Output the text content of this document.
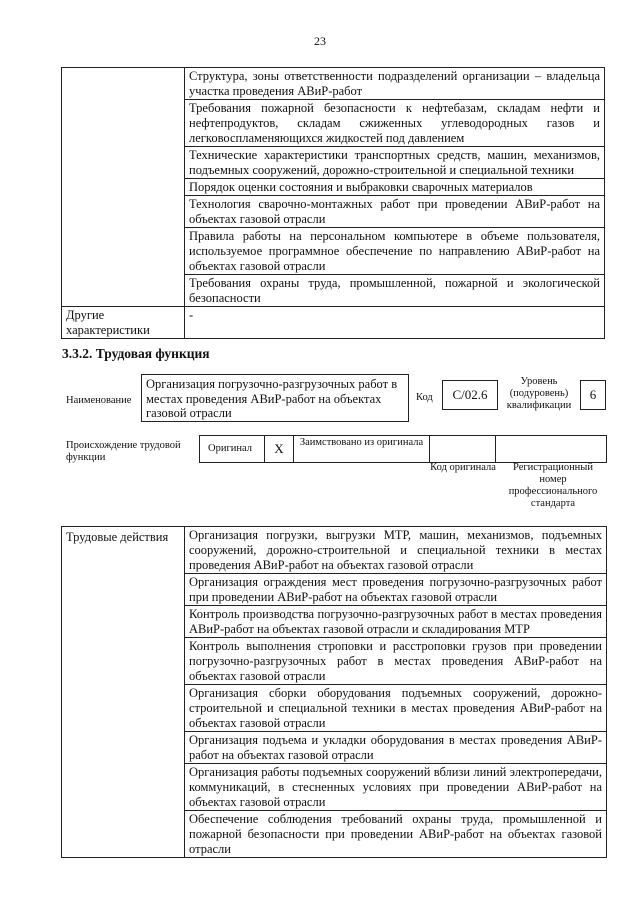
23
	Структура, зоны ответственности подразделений организации – владельца участка проведения АВиР-работ
	Требования пожарной безопасности к нефтебазам, складам нефти и нефтепродуктов, складам сжиженных углеводородных газов и легковоспламеняющихся жидкостей под давлением
	Технические характеристики транспортных средств, машин, механизмов, подъемных сооружений, дорожно-строительной и специальной техники
	Порядок оценки состояния и выбраковки сварочных материалов
	Технология сварочно-монтажных работ при проведении АВиР-работ на объектах газовой отрасли
	Правила работы на персональном компьютере в объеме пользователя, используемое программное обеспечение по направлению АВиР-работ на объектах газовой отрасли
	Требования охраны труда, промышленной, пожарной и экологической безопасности
Другие характеристики	-
3.3.2. Трудовая функция
Наименование
Организация погрузочно-разгрузочных работ в местах проведения АВиР-работ на объектах газовой отрасли
Код	C/02.6
Уровень (подуровень) квалификации
6
Происхождение трудовой функции
Оригинал	X	Заимствовано из оригинала
Код оригинала	Регистрационный номер профессионального стандарта
Трудовые действия	Организация погрузки, выгрузки МТР, машин, механизмов, подъемных сооружений, дорожно-строительной и специальной техники в местах проведения АВиР-работ на объектах газовой отрасли
Организация ограждения мест проведения погрузочно-разгрузочных работ при проведении АВиР-работ на объектах газовой отрасли
Контроль производства погрузочно-разгрузочных работ в местах проведения АВиР-работ на объектах газовой отрасли и складирования МТР
Контроль выполнения строповки и расстроповки грузов при проведении погрузочно-разгрузочных работ в местах проведения АВиР-работ на объектах газовой отрасли
Организация сборки оборудования подъемных сооружений, дорожно-строительной и специальной техники в местах проведения АВиР-работ на объектах газовой отрасли
Организация подъема и укладки оборудования в местах проведения АВиР-работ на объектах газовой отрасли
Организация работы подъемных сооружений вблизи линий электропередачи, коммуникаций, в стесненных условиях при проведении АВиР-работ на объектах газовой отрасли
Обеспечение соблюдения требований охраны труда, промышленной и пожарной безопасности при проведении АВиР-работ на объектах газовой отрасли
